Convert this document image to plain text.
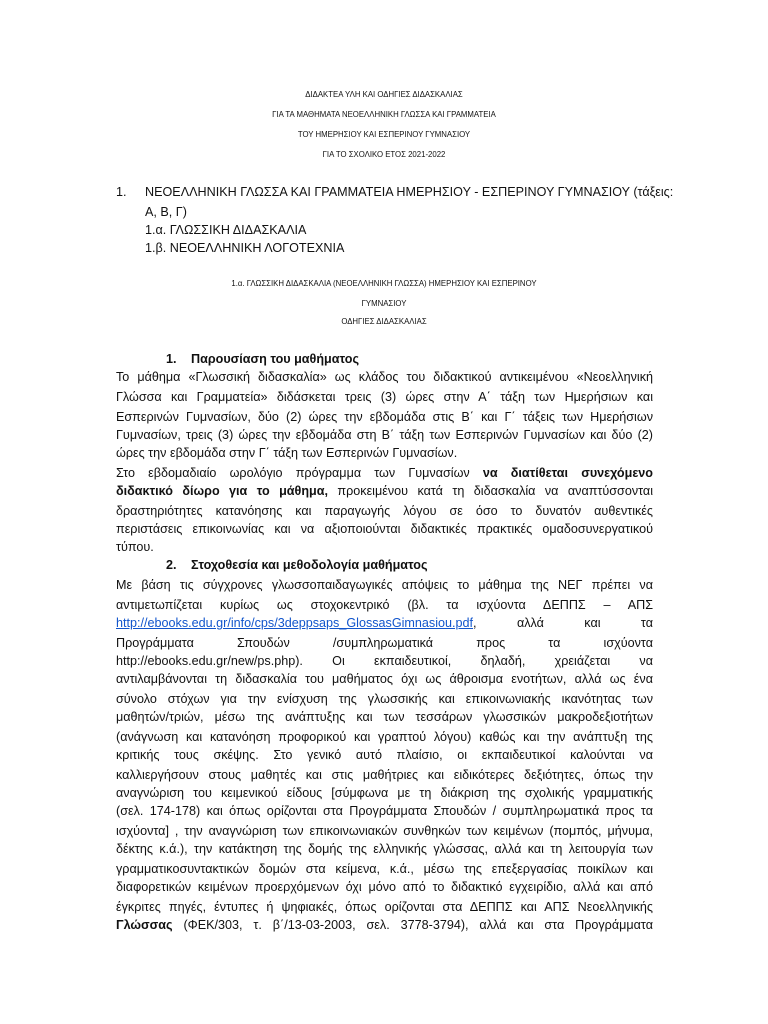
ΔΙΔΑΚΤΕΑ ΥΛΗ ΚΑΙ ΟΔΗΓΙΕΣ ΔΙΔΑΣΚΑΛΙΑΣ
ΓΙΑ ΤΑ ΜΑΘΗΜΑΤΑ ΝΕΟΕΛΛΗΝΙΚΗ ΓΛΩΣΣΑ ΚΑΙ ΓΡΑΜΜΑΤΕΙΑ
ΤΟΥ ΗΜΕΡΗΣΙΟΥ ΚΑΙ ΕΣΠΕΡΙΝΟΥ ΓΥΜΝΑΣΙΟΥ
ΓΙΑ ΤΟ ΣΧΟΛΙΚΟ ΕΤΟΣ 2021-2022
1. ΝΕΟΕΛΛΗΝΙΚΗ ΓΛΩΣΣΑ ΚΑΙ ΓΡΑΜΜΑΤΕΙΑ ΗΜΕΡΗΣΙΟΥ - ΕΣΠΕΡΙΝΟΥ ΓΥΜΝΑΣΙΟΥ (τάξεις:
Α, Β, Γ)
1.α. ΓΛΩΣΣΙΚΗ ΔΙΔΑΣΚΑΛΙΑ
1.β. ΝΕΟΕΛΛΗΝΙΚΗ ΛΟΓΟΤΕΧΝΙΑ
1.α. ΓΛΩΣΣΙΚΗ ΔΙΔΑΣΚΑΛΙΑ (ΝΕΟΕΛΛΗΝΙΚΗ ΓΛΩΣΣΑ) ΗΜΕΡΗΣΙΟΥ ΚΑΙ ΕΣΠΕΡΙΝΟΥ
ΓΥΜΝΑΣΙΟΥ
ΟΔΗΓΙΕΣ ΔΙΔΑΣΚΑΛΙΑΣ
1. Παρουσίαση του μαθήματος
Το μάθημα «Γλωσσική διδασκαλία» ως κλάδος του διδακτικού αντικειμένου «Νεοελληνική
Γλώσσα και Γραμματεία» διδάσκεται τρεις (3) ώρες στην Α΄ τάξη των Ημερήσιων και
Εσπερινών Γυμνασίων, δύο (2) ώρες την εβδομάδα στις Β΄ και Γ΄ τάξεις των Ημερήσιων
Γυμνασίων, τρεις (3) ώρες την εβδομάδα στη Β΄ τάξη των Εσπερινών Γυμνασίων και δύο (2)
ώρες την εβδομάδα στην Γ΄ τάξη των Εσπερινών Γυμνασίων.
Στο εβδομαδιαίο ωρολόγιο πρόγραμμα των Γυμνασίων να διατίθεται συνεχόμενο
διδακτικό δίωρο για το μάθημα, προκειμένου κατά τη διδασκαλία να αναπτύσσονται
δραστηριότητες κατανόησης και παραγωγής λόγου σε όσο το δυνατόν αυθεντικές
περιστάσεις επικοινωνίας και να αξιοποιούνται διδακτικές πρακτικές ομαδοσυνεργατικού
τύπου.
2. Στοχοθεσία και μεθοδολογία μαθήματος
Με βάση τις σύγχρονες γλωσσοπαιδαγωγικές απόψεις το μάθημα της ΝΕΓ πρέπει να
αντιμετωπίζεται κυρίως ως στοχοκεντρικό (βλ. τα ισχύοντα ΔΕΠΠΣ – ΑΠΣ
http://ebooks.edu.gr/info/cps/3deppsaps_GlossasGimnasiou.pdf, αλλά και τα
Προγράμματα Σπουδών /συμπληρωματικά προς τα ισχύοντα
http://ebooks.edu.gr/new/ps.php). Οι εκπαιδευτικοί, δηλαδή, χρειάζεται να
αντιλαμβάνονται τη διδασκαλία του μαθήματος όχι ως άθροισμα ενοτήτων, αλλά ως ένα
σύνολο στόχων για την ενίσχυση της γλωσσικής και επικοινωνιακής ικανότητας των
μαθητών/τριών, μέσω της ανάπτυξης και των τεσσάρων γλωσσικών μακροδεξιοτήτων
(ανάγνωση και κατανόηση προφορικού και γραπτού λόγου) καθώς και την ανάπτυξη της
κριτικής τους σκέψης. Στο γενικό αυτό πλαίσιο, οι εκπαιδευτικοί καλούνται να
καλλιεργήσουν στους μαθητές και στις μαθήτριες και ειδικότερες δεξιότητες, όπως την
αναγνώριση του κειμενικού είδους [σύμφωνα με τη διάκριση της σχολικής γραμματικής
(σελ. 174-178) και όπως ορίζονται στα Προγράμματα Σπουδών / συμπληρωματικά προς τα
ισχύοντα] , την αναγνώριση των επικοινωνιακών συνθηκών των κειμένων (πομπός, μήνυμα,
δέκτης κ.ά.), την κατάκτηση της δομής της ελληνικής γλώσσας, αλλά και τη λειτουργία των
γραμματικοσυντακτικών δομών στα κείμενα, κ.ά., μέσω της επεξεργασίας ποικίλων και
διαφορετικών κειμένων προερχόμενων όχι μόνο από το διδακτικό εγχειρίδιο, αλλά και από
έγκριτες πηγές, έντυπες ή ψηφιακές, όπως ορίζονται στα ΔΕΠΠΣ και ΑΠΣ Νεοελληνικής
Γλώσσας (ΦΕΚ/303, τ. β΄/13-03-2003, σελ. 3778-3794), αλλά και στα Προγράμματα
